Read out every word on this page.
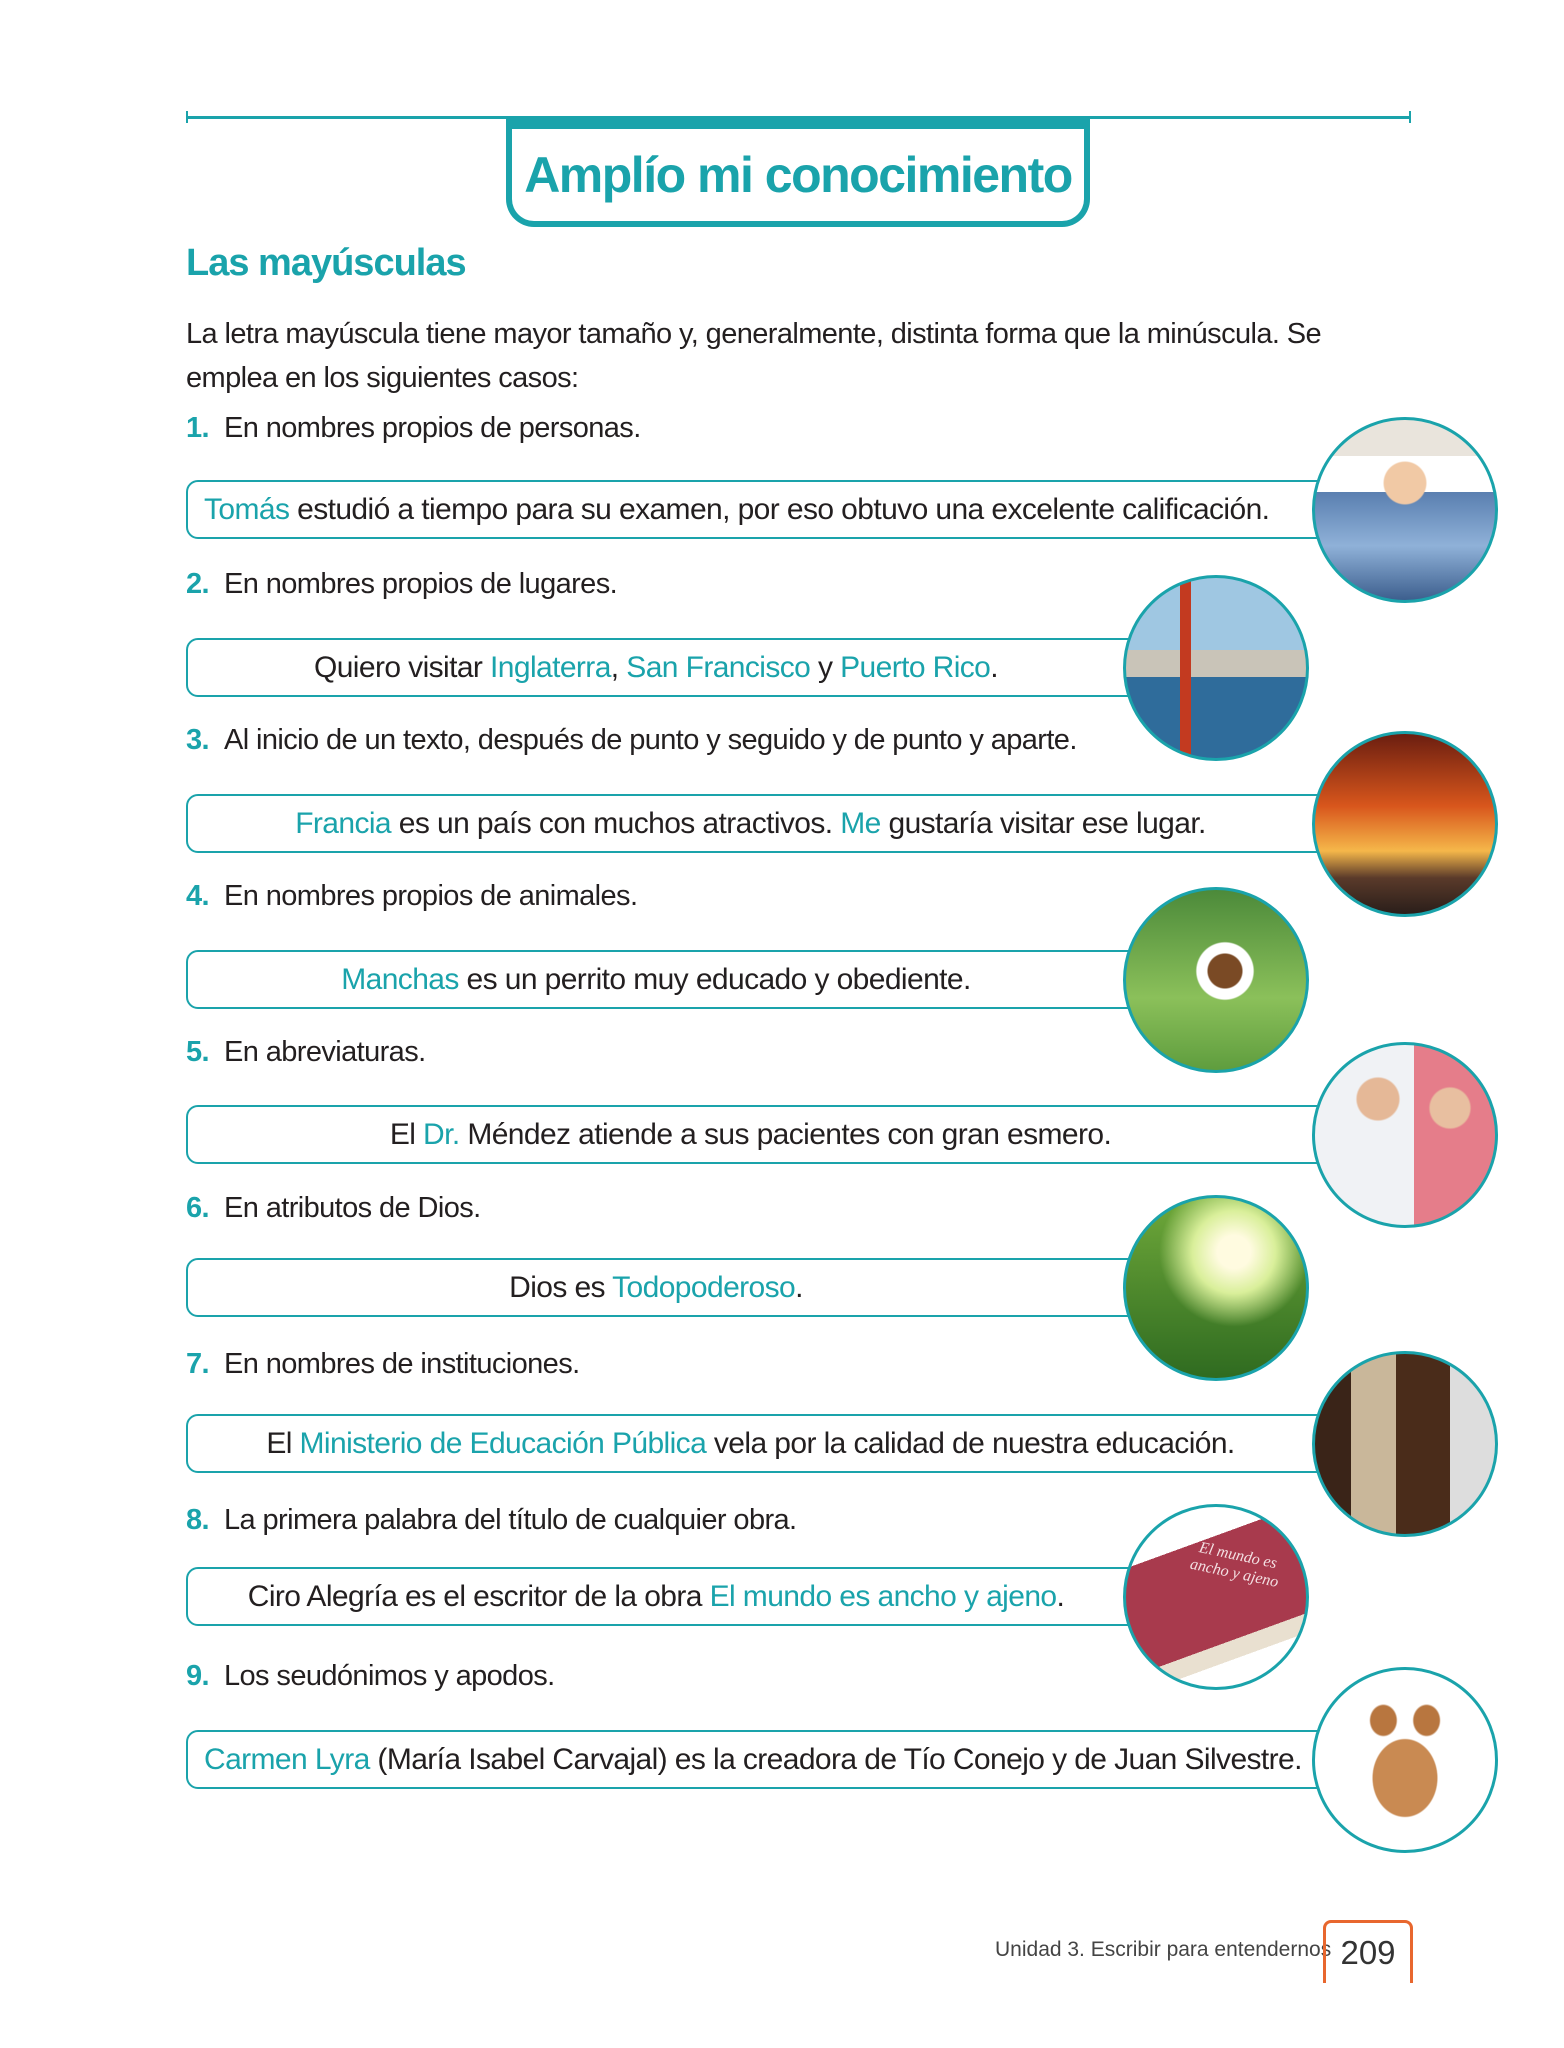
Amplío mi conocimiento
Las mayúsculas
La letra mayúscula tiene mayor tamaño y, generalmente, distinta forma que la minúscula. Se emplea en los siguientes casos:
1. En nombres propios de personas.
Tomás estudió a tiempo para su examen, por eso obtuvo una excelente calificación.
2. En nombres propios de lugares.
Quiero visitar Inglaterra, San Francisco y Puerto Rico.
3. Al inicio de un texto, después de punto y seguido y de punto y aparte.
Francia es un país con muchos atractivos. Me gustaría visitar ese lugar.
4. En nombres propios de animales.
Manchas es un perrito muy educado y obediente.
5. En abreviaturas.
El Dr. Méndez atiende a sus pacientes con gran esmero.
6. En atributos de Dios.
Dios es Todopoderoso.
7. En nombres de instituciones.
El Ministerio de Educación Pública vela por la calidad de nuestra educación.
8. La primera palabra del título de cualquier obra.
Ciro Alegría es el escritor de la obra El mundo es ancho y ajeno.
El mundo es ancho y ajeno
9. Los seudónimos y apodos.
Carmen Lyra (María Isabel Carvajal) es la creadora de Tío Conejo y de Juan Silvestre.
Unidad 3. Escribir para entendernos 209
